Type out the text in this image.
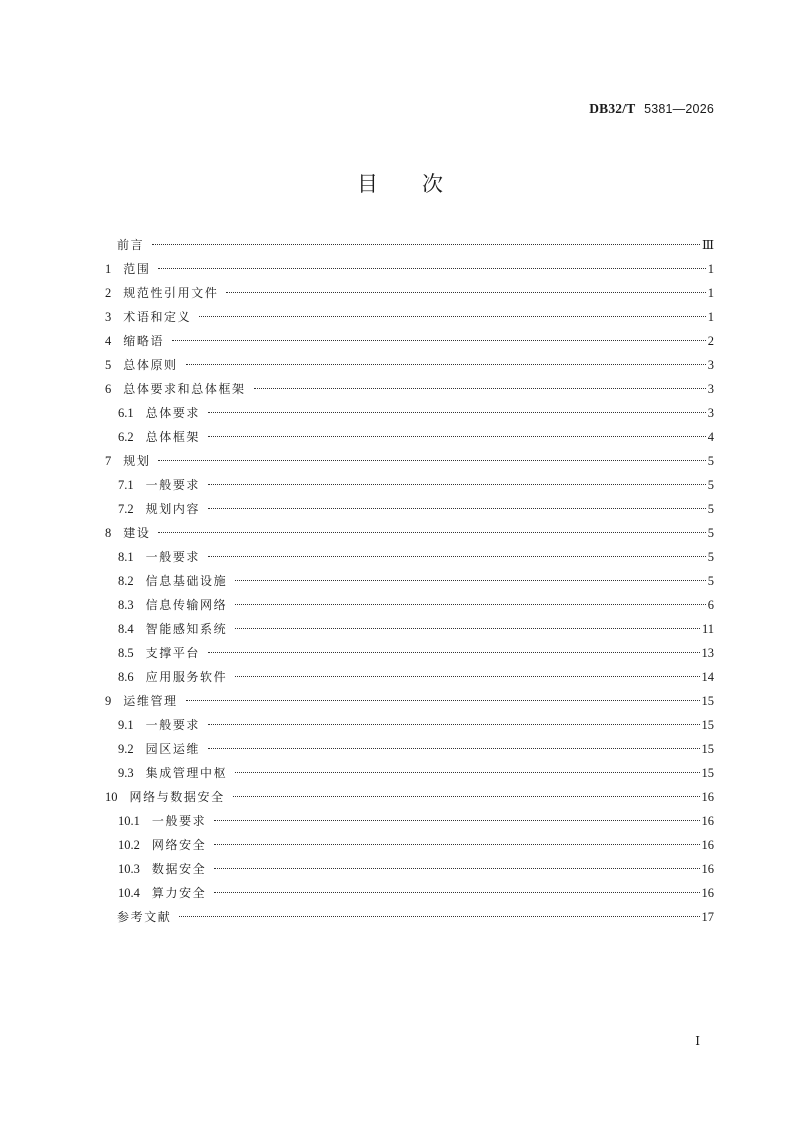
DB32/T 5381—2026
目次
前言	Ⅲ
1 范围	1
2 规范性引用文件	1
3 术语和定义	1
4 缩略语	2
5 总体原则	3
6 总体要求和总体框架	3
6.1 总体要求	3
6.2 总体框架	4
7 规划	5
7.1 一般要求	5
7.2 规划内容	5
8 建设	5
8.1 一般要求	5
8.2 信息基础设施	5
8.3 信息传输网络	6
8.4 智能感知系统	11
8.5 支撑平台	13
8.6 应用服务软件	14
9 运维管理	15
9.1 一般要求	15
9.2 园区运维	15
9.3 集成管理中枢	15
10 网络与数据安全	16
10.1 一般要求	16
10.2 网络安全	16
10.3 数据安全	16
10.4 算力安全	16
参考文献	17
Ⅰ
